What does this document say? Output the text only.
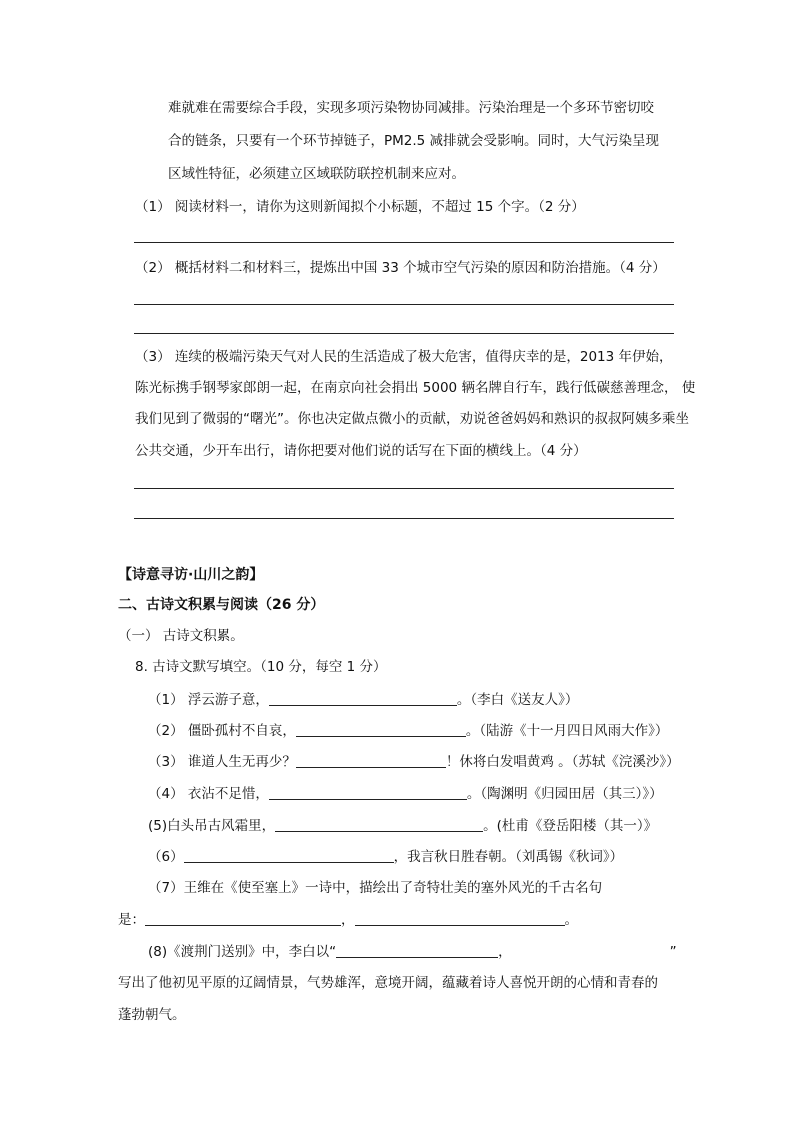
难就难在需要综合手段，实现多项污染物协同减排。污染治理是一个多环节密切咬
合的链条，只要有一个环节掉链子，PM2.5 减排就会受影响。同时，大气污染呈现
区域性特征，必须建立区域联防联控机制来应对。
（1） 阅读材料一，请你为这则新闻拟个小标题，不超过 15 个字。（2 分）
（2） 概括材料二和材料三，提炼出中国 33 个城市空气污染的原因和防治措施。（4 分）
（3） 连续的极端污染天气对人民的生活造成了极大危害，值得庆幸的是，2013 年伊始，
陈光标携手钢琴家郎朗一起，在南京向社会捐出 5000 辆名牌自行车，践行低碳慈善理念， 使
我们见到了微弱的“曙光”。你也决定做点微小的贡献，劝说爸爸妈妈和熟识的叔叔阿姨多乘坐
公共交通，少开车出行，请你把要对他们说的话写在下面的横线上。（4 分）
【诗意寻访·山川之韵】
二、古诗文积累与阅读（26 分）
（一） 古诗文积累。
8. 古诗文默写填空。（10 分，每空 1 分）
（1） 浮云游子意，	。（李白《送友人》）
（2） 僵卧孤村不自哀，	。（陆游《十一月四日风雨大作》）
（3） 谁道人生无再少？	！休将白发唱黄鸡 。（苏轼《浣溪沙》）
（4） 衣沾不足惜，	。（陶渊明《归园田居（其三）》）
(5)白头吊古风霜里，	。(杜甫《登岳阳楼（其一）》
（6）	，我言秋日胜春朝。（刘禹锡《秋词》）
（7）王维在《使至塞上》一诗中，描绘出了奇特壮美的塞外风光的千古名句
是：	，	。
(8)《渡荆门送别》中，李白以“	，	”
写出了他初见平原的辽阔情景，气势雄浑，意境开阔，蕴藏着诗人喜悦开朗的心情和青春的
蓬勃朝气。
